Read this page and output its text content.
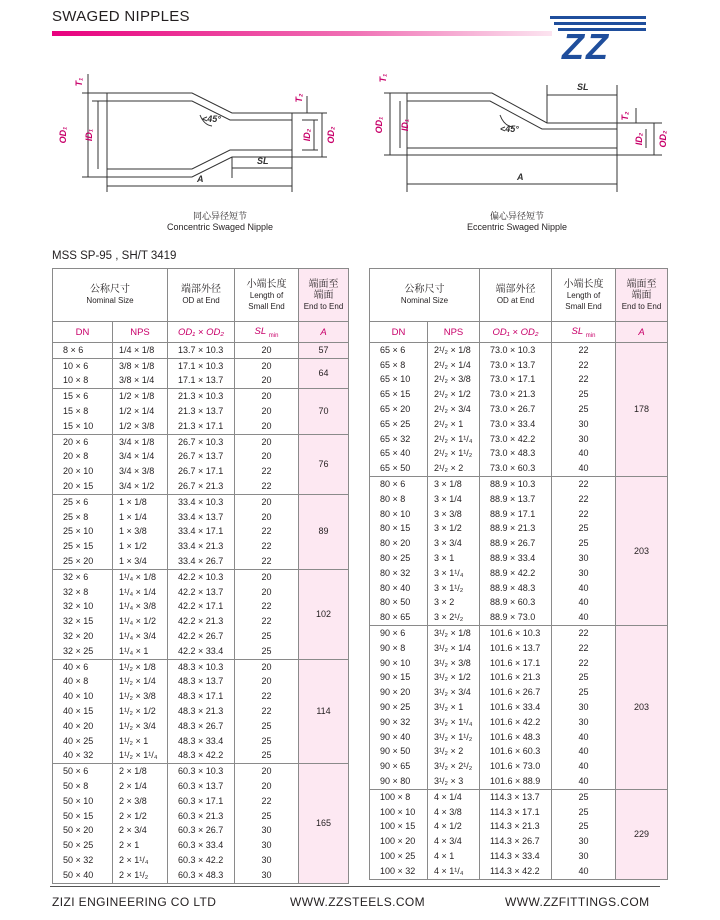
SWAGED NIPPLES
ZZ
T₁
OD₁ ID₁
T₂
ID₂ OD₂
<45°
SL
A
同心异径短节
Concentric Swaged Nipple
T₁
OD₁ ID₁
T₂
ID₂ OD₂
<45°
SL
A
偏心异径短节
Eccentric Swaged Nipple
MSS SP-95 , SH/T 3419
公称尺寸
Nominal Size		端部外径
OD at End	小端长度
Length of
Small End	端面至
端面
End to End

DN	NPS	OD₁ × OD₂	SL $_{min}$	A
8 × 6	1/4 × 1/8	13.7 × 10.3	20	57
10 × 6	3/8 × 1/8	17.1 × 10.3	20	64
10 × 8	3/8 × 1/4	17.1 × 13.7	20	
15 × 6	1/2 × 1/8	21.3 × 10.3	20	70
15 × 8	1/2 × 1/4	21.3 × 13.7	20	
15 × 10	1/2 × 3/8	21.3 × 17.1	20	
20 × 6	3/4 × 1/8	26.7 × 10.3	20	76
20 × 8	3/4 × 1/4	26.7 × 13.7	20	
20 × 10	3/4 × 3/8	26.7 × 17.1	22	
20 × 15	3/4 × 1/2	26.7 × 21.3	22	
25 × 6	1 × 1/8	33.4 × 10.3	20	89
25 × 8	1 × 1/4	33.4 × 13.7	20	
25 × 10	1 × 3/8	33.4 × 17.1	22	
25 × 15	1 × 1/2	33.4 × 21.3	22	
25 × 20	1 × 3/4	33.4 × 26.7	22	
32 × 6	1¹/₄ × 1/8	42.2 × 10.3	20	102
32 × 8	1¹/₄ × 1/4	42.2 × 13.7	20	
32 × 10	1¹/₄ × 3/8	42.2 × 17.1	22	
32 × 15	1¹/₄ × 1/2	42.2 × 21.3	22	
32 × 20	1¹/₄ × 3/4	42.2 × 26.7	25	
32 × 25	1¹/₄ × 1	42.2 × 33.4	25	
40 × 6	1¹/₂ × 1/8	48.3 × 10.3	20	114
40 × 8	1¹/₂ × 1/4	48.3 × 13.7	20	
40 × 10	1¹/₂ × 3/8	48.3 × 17.1	22	
40 × 15	1¹/₂ × 1/2	48.3 × 21.3	22	
40 × 20	1¹/₂ × 3/4	48.3 × 26.7	25	
40 × 25	1¹/₂ × 1	48.3 × 33.4	25	
40 × 32	1¹/₂ × 1¹/₄	48.3 × 42.2	25	
50 × 6	2 × 1/8	60.3 × 10.3	20	165
50 × 8	2 × 1/4	60.3 × 13.7	20	
50 × 10	2 × 3/8	60.3 × 17.1	22	
50 × 15	2 × 1/2	60.3 × 21.3	25	
50 × 20	2 × 3/4	60.3 × 26.7	30	
50 × 25	2 × 1	60.3 × 33.4	30	
50 × 32	2 × 1¹/₄	60.3 × 42.2	30	
50 × 40	2 × 1¹/₂	60.3 × 48.3	30	
公称尺寸
Nominal Size		端部外径
OD at End	小端长度
Length of
Small End	端面至
端面
End to End

DN	NPS	OD₁ × OD₂	SL $_{min}$	A
65 × 6	2¹/₂ × 1/8	73.0 × 10.3	22	178
65 × 8	2¹/₂ × 1/4	73.0 × 13.7	22	
65 × 10	2¹/₂ × 3/8	73.0 × 17.1	22	
65 × 15	2¹/₂ × 1/2	73.0 × 21.3	25	
65 × 20	2¹/₂ × 3/4	73.0 × 26.7	25	
65 × 25	2¹/₂ × 1	73.0 × 33.4	30	
65 × 32	2¹/₂ × 1¹/₄	73.0 × 42.2	30	
65 × 40	2¹/₂ × 1¹/₂	73.0 × 48.3	40	
65 × 50	2¹/₂ × 2	73.0 × 60.3	40	
80 × 6	3 × 1/8	88.9 × 10.3	22	203
80 × 8	3 × 1/4	88.9 × 13.7	22	
80 × 10	3 × 3/8	88.9 × 17.1	22	
80 × 15	3 × 1/2	88.9 × 21.3	25	
80 × 20	3 × 3/4	88.9 × 26.7	25	
80 × 25	3 × 1	88.9 × 33.4	30	
80 × 32	3 × 1¹/₄	88.9 × 42.2	30	
80 × 40	3 × 1¹/₂	88.9 × 48.3	40	
80 × 50	3 × 2	88.9 × 60.3	40	
80 × 65	3 × 2¹/₂	88.9 × 73.0	40	
90 × 6	3¹/₂ × 1/8	101.6 × 10.3	22	203
90 × 8	3¹/₂ × 1/4	101.6 × 13.7	22	
90 × 10	3¹/₂ × 3/8	101.6 × 17.1	22	
90 × 15	3¹/₂ × 1/2	101.6 × 21.3	25	
90 × 20	3¹/₂ × 3/4	101.6 × 26.7	25	
90 × 25	3¹/₂ × 1	101.6 × 33.4	30	
90 × 32	3¹/₂ × 1¹/₄	101.6 × 42.2	30	
90 × 40	3¹/₂ × 1¹/₂	101.6 × 48.3	40	
90 × 50	3¹/₂ × 2	101.6 × 60.3	40	
90 × 65	3¹/₂ × 2¹/₂	101.6 × 73.0	40	
90 × 80	3¹/₂ × 3	101.6 × 88.9	40	
100 × 8	4 × 1/4	114.3 × 13.7	25	229
100 × 10	4 × 3/8	114.3 × 17.1	25	
100 × 15	4 × 1/2	114.3 × 21.3	25	
100 × 20	4 × 3/4	114.3 × 26.7	30	
100 × 25	4 × 1	114.3 × 33.4	30	
100 × 32	4 × 1¹/₄	114.3 × 42.2	40	
ZIZI ENGINEERING CO LTD	WWW.ZZSTEELS.COM	WWW.ZZFITTINGS.COM
